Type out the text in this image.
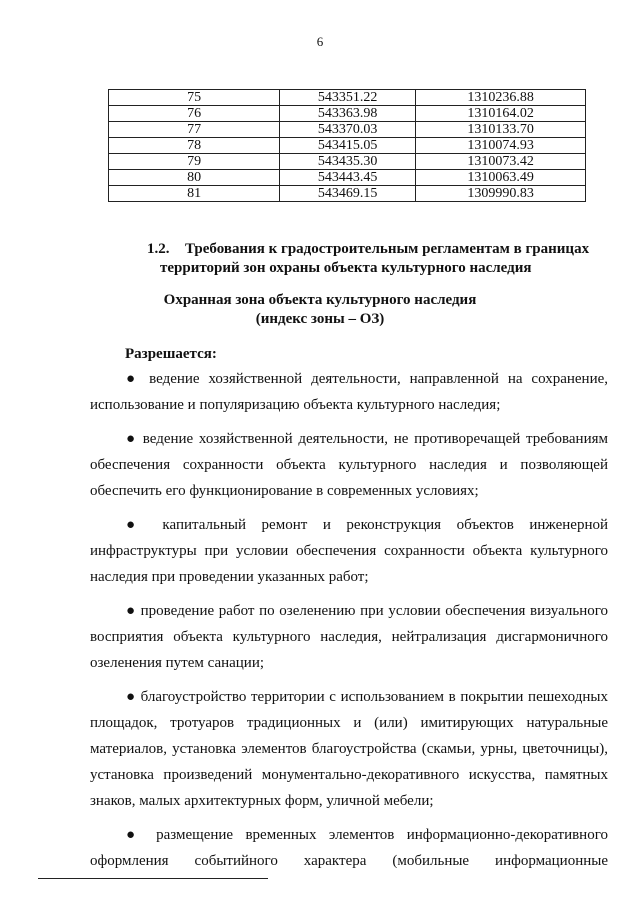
6
75	543351.22	1310236.88
76	543363.98	1310164.02
77	543370.03	1310133.70
78	543415.05	1310074.93
79	543435.30	1310073.42
80	543443.45	1310063.49
81	543469.15	1309990.83
1.2. Требования к градостроительным регламентам в границах
территорий зон охраны объекта культурного наследия
Охранная зона объекта культурного наследия
(индекс зоны – ОЗ)
Разрешается:

● ведение хозяйственной деятельности, направленной на сохранение, использование и популяризацию объекта культурного наследия;

● ведение хозяйственной деятельности, не противоречащей требованиям обеспечения сохранности объекта культурного наследия и позволяющей обеспечить его функционирование в современных условиях;

● капитальный ремонт и реконструкция объектов инженерной инфраструктуры при условии обеспечения сохранности объекта культурного наследия при проведении указанных работ;

● проведение работ по озеленению при условии обеспечения визуального восприятия объекта культурного наследия, нейтрализация дисгармоничного озеленения путем санации;

● благоустройство территории с использованием в покрытии пешеходных площадок, тротуаров традиционных и (или) имитирующих натуральные материалов, установка элементов благоустройства (скамьи, урны, цветочницы), установка произведений монументально-декоративного искусства, памятных знаков, малых архитектурных форм, уличной мебели;

● размещение временных элементов информационно-декоративного оформления событийного характера (мобильные информационные
